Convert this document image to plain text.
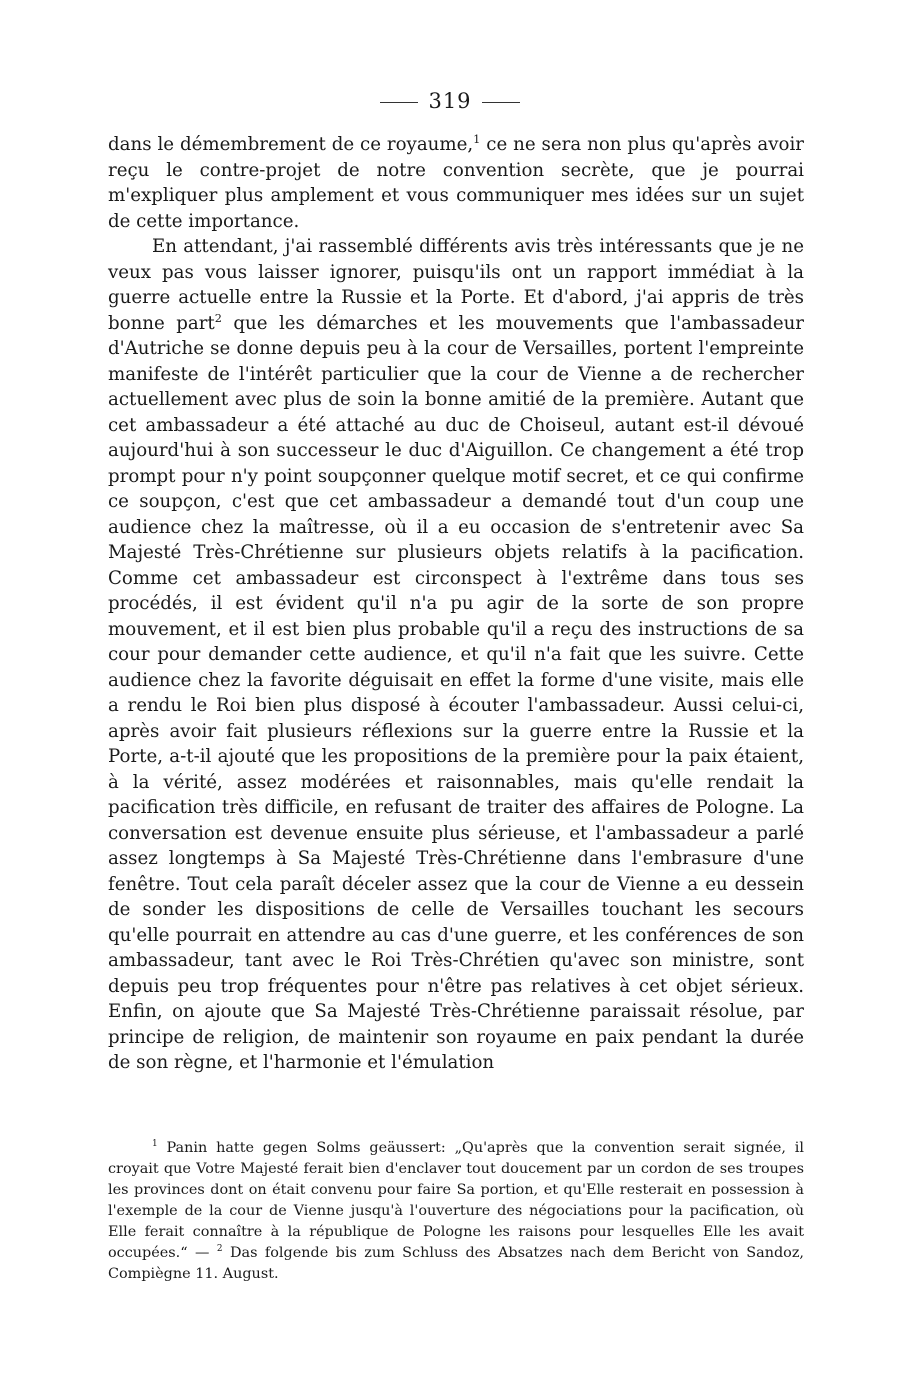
319

dans le démembrement de ce royaume,$^1$ ce ne sera non plus qu'après avoir reçu le contre-projet de notre convention secrète, que je pourrai m'expliquer plus amplement et vous communiquer mes idées sur un sujet de cette importance.

En attendant, j'ai rassemblé différents avis très intéressants que je ne veux pas vous laisser ignorer, puisqu'ils ont un rapport immédiat à la guerre actuelle entre la Russie et la Porte. Et d'abord, j'ai appris de très bonne part$^2$ que les démarches et les mouvements que l'ambassadeur d'Autriche se donne depuis peu à la cour de Versailles, portent l'empreinte manifeste de l'intérêt particulier que la cour de Vienne a de rechercher actuellement avec plus de soin la bonne amitié de la première. Autant que cet ambassadeur a été attaché au duc de Choiseul, autant est-il dévoué aujourd'hui à son successeur le duc d'Aiguillon. Ce changement a été trop prompt pour n'y point soupçonner quelque motif secret, et ce qui confirme ce soupçon, c'est que cet ambassadeur a demandé tout d'un coup une audience chez la maîtresse, où il a eu occasion de s'entretenir avec Sa Majesté Très-Chrétienne sur plusieurs objets relatifs à la pacification. Comme cet ambassadeur est circonspect à l'extrême dans tous ses procédés, il est évident qu'il n'a pu agir de la sorte de son propre mouvement, et il est bien plus probable qu'il a reçu des instructions de sa cour pour demander cette audience, et qu'il n'a fait que les suivre. Cette audience chez la favorite déguisait en effet la forme d'une visite, mais elle a rendu le Roi bien plus disposé à écouter l'ambassadeur. Aussi celui-ci, après avoir fait plusieurs réflexions sur la guerre entre la Russie et la Porte, a-t-il ajouté que les propositions de la première pour la paix étaient, à la vérité, assez modérées et raisonnables, mais qu'elle rendait la pacification très difficile, en refusant de traiter des affaires de Pologne. La conversation est devenue ensuite plus sérieuse, et l'ambassadeur a parlé assez longtemps à Sa Majesté Très-Chrétienne dans l'embrasure d'une fenêtre. Tout cela paraît déceler assez que la cour de Vienne a eu dessein de sonder les dispositions de celle de Versailles touchant les secours qu'elle pourrait en attendre au cas d'une guerre, et les conférences de son ambassadeur, tant avec le Roi Très-Chrétien qu'avec son ministre, sont depuis peu trop fréquentes pour n'être pas relatives à cet objet sérieux. Enfin, on ajoute que Sa Majesté Très-Chrétienne paraissait résolue, par principe de religion, de maintenir son royaume en paix pendant la durée de son règne, et l'harmonie et l'émulation

$^1$ Panin hatte gegen Solms geäussert: „Qu'après que la convention serait signée, il croyait que Votre Majesté ferait bien d'enclaver tout doucement par un cordon de ses troupes les provinces dont on était convenu pour faire Sa portion, et qu'Elle resterait en possession à l'exemple de la cour de Vienne jusqu'à l'ouverture des négociations pour la pacification, où Elle ferait connaître à la république de Pologne les raisons pour lesquelles Elle les avait occupées.“ — $^2$ Das folgende bis zum Schluss des Absatzes nach dem Bericht von Sandoz, Compiègne 11. August.
